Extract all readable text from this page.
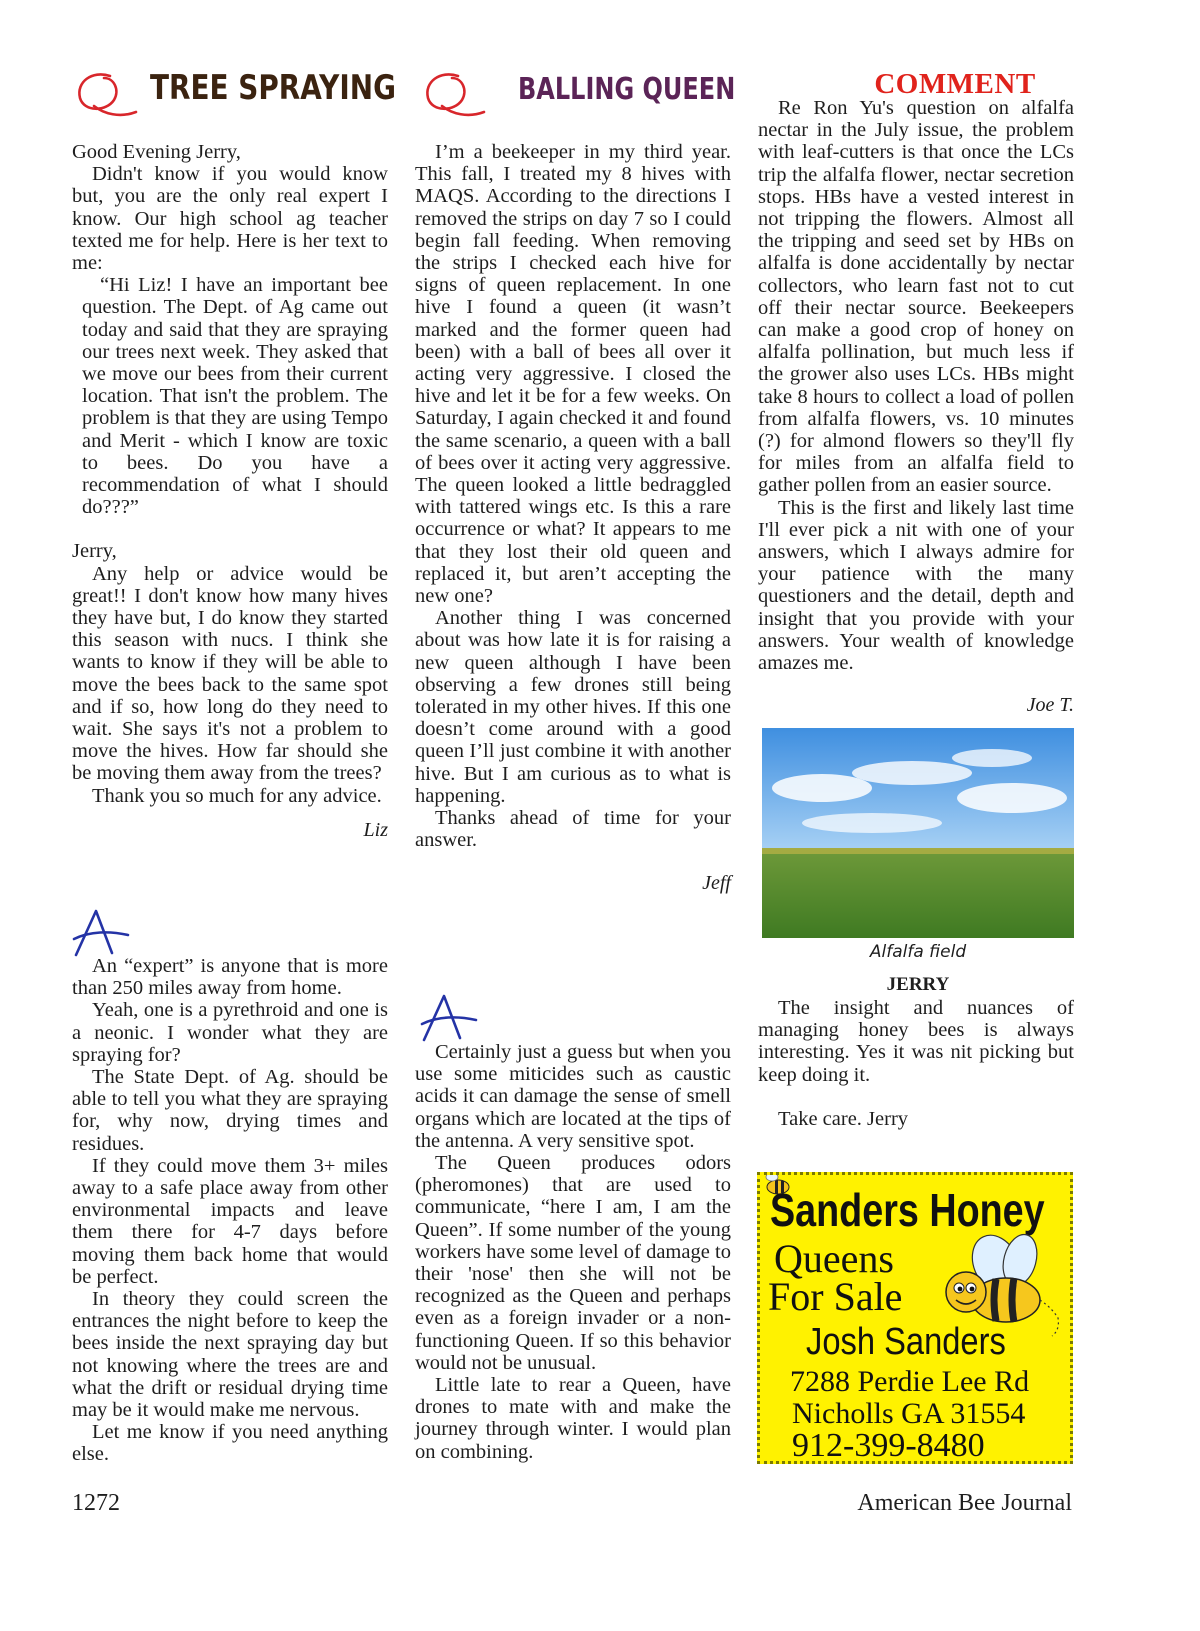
TREE SPRAYING

Good Evening Jerry,

Didn't know if you would know but, you are the only real expert I know. Our high school ag teacher texted me for help. Here is her text to me:

“Hi Liz! I have an important bee question. The Dept. of Ag came out today and said that they are spraying our trees next week. They asked that we move our bees from their current location. That isn't the problem. The problem is that they are using Tempo and Merit - which I know are toxic to bees. Do you have a recommendation of what I should do???”

Jerry,

Any help or advice would be great!! I don't know how many hives they have but, I do know they started this season with nucs. I think she wants to know if they will be able to move the bees back to the same spot and if so, how long do they need to wait. She says it's not a problem to move the hives. How far should she be moving them away from the trees?

Thank you so much for any advice.

Liz

An “expert” is anyone that is more than 250 miles away from home.

Yeah, one is a pyrethroid and one is a neonic. I wonder what they are spraying for?

The State Dept. of Ag. should be able to tell you what they are spraying for, why now, drying times and residues.

If they could move them 3+ miles away to a safe place away from other environmental impacts and leave them there for 4-7 days before moving them back home that would be perfect.

In theory they could screen the entrances the night before to keep the bees inside the next spraying day but not knowing where the trees are and what the drift or residual drying time may be it would make me nervous.

Let me know if you need anything else.

BALLING QUEEN

I’m a beekeeper in my third year. This fall, I treated my 8 hives with MAQS. According to the directions I removed the strips on day 7 so I could begin fall feeding. When removing the strips I checked each hive for signs of queen replacement. In one hive I found a queen (it wasn’t marked and the former queen had been) with a ball of bees all over it acting very aggressive. I closed the hive and let it be for a few weeks. On Saturday, I again checked it and found the same scenario, a queen with a ball of bees over it acting very aggressive. The queen looked a little bedraggled with tattered wings etc. Is this a rare occurrence or what? It appears to me that they lost their old queen and replaced it, but aren’t accepting the new one?

Another thing I was concerned about was how late it is for raising a new queen although I have been observing a few drones still being tolerated in my other hives. If this one doesn’t come around with a good queen I’ll just combine it with another hive. But I am curious as to what is happening.

Thanks ahead of time for your answer.

Jeff

Certainly just a guess but when you use some miticides such as caustic acids it can damage the sense of smell organs which are located at the tips of the antenna. A very sensitive spot.

The Queen produces odors (pheromones) that are used to communicate, “here I am, I am the Queen”. If some number of the young workers have some level of damage to their 'nose' then she will not be recognized as the Queen and perhaps even as a foreign invader or a non-functioning Queen. If so this behavior would not be unusual.

Little late to rear a Queen, have drones to mate with and make the journey through winter. I would plan on combining.

COMMENT

Re Ron Yu's question on alfalfa nectar in the July issue, the problem with leaf-cutters is that once the LCs trip the alfalfa flower, nectar secretion stops. HBs have a vested interest in not tripping the flowers. Almost all the tripping and seed set by HBs on alfalfa is done accidentally by nectar collectors, who learn fast not to cut off their nectar source. Beekeepers can make a good crop of honey on alfalfa pollination, but much less if the grower also uses LCs. HBs might take 8 hours to collect a load of pollen from alfalfa flowers, vs. 10 minutes (?) for almond flowers so they'll fly for miles from an alfalfa field to gather pollen from an easier source.

This is the first and likely last time I'll ever pick a nit with one of your answers, which I always admire for your patience with the many questioners and the detail, depth and insight that you provide with your answers. Your wealth of knowledge amazes me.

Joe T.
Alfalfa field
JERRY

The insight and nuances of managing honey bees is always interesting. Yes it was nit picking but keep doing it.

Take care. Jerry

Sanders Honey
Queens
For Sale
Josh Sanders
7288 Perdie Lee Rd
Nicholls GA 31554
912-399-8480
1272	American Bee Journal
